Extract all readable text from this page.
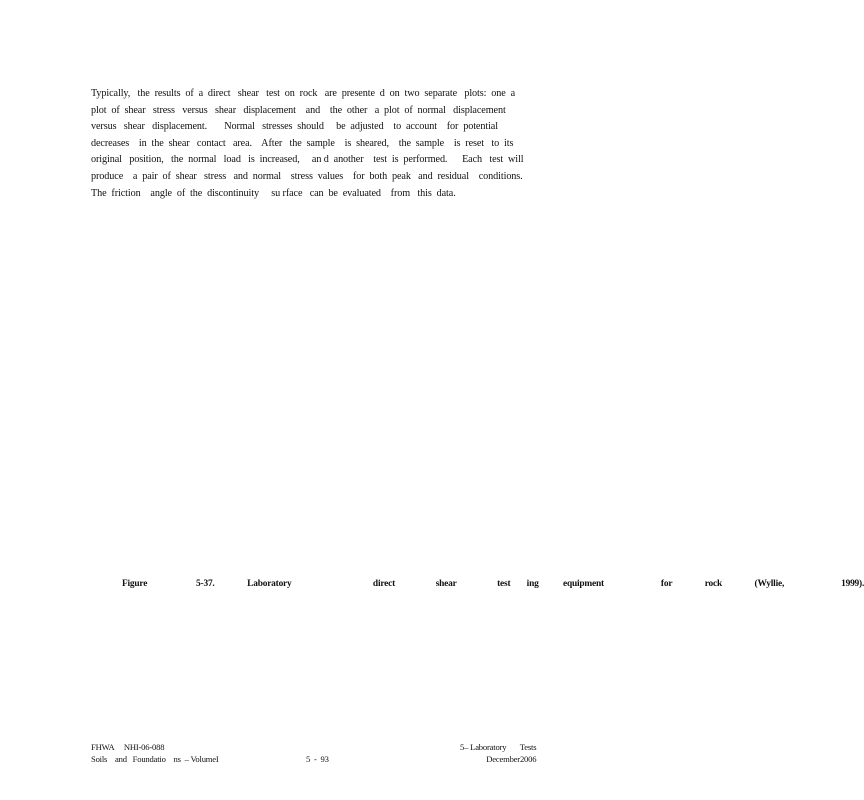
Typically,   the  results  of  a  direct   shear   test  on  rock   are  presente  d  on  two  separate   plots:  one  a
plot  of  shear   stress   versus   shear   displacement    and    the  other   a  plot  of  normal   displacement
versus   shear   displacement.       Normal   stresses  should     be  adjusted    to  account    for  potential
decreases    in  the  shear   contact   area.    After   the  sample    is  sheared,    the  sample    is  reset   to  its
original   position,   the  normal   load   is  increased,     an d  another    test  is  performed.      Each   test  will
produce    a  pair  of  shear   stress   and  normal    stress  values    for  both  peak   and  residual    conditions.
The  friction    angle  of  the  discontinuity     su rface   can  be  evaluated    from   this  data.
Figure      5-37.    Laboratory          direct     shear     test  ing   equipment       for    rock    (Wyllie,       1999).
FHWA     NHI-06-088
Soils    and   Foundatio    ns  – VolumeI	5  -  93
5– Laboratory       Tests
December2006
